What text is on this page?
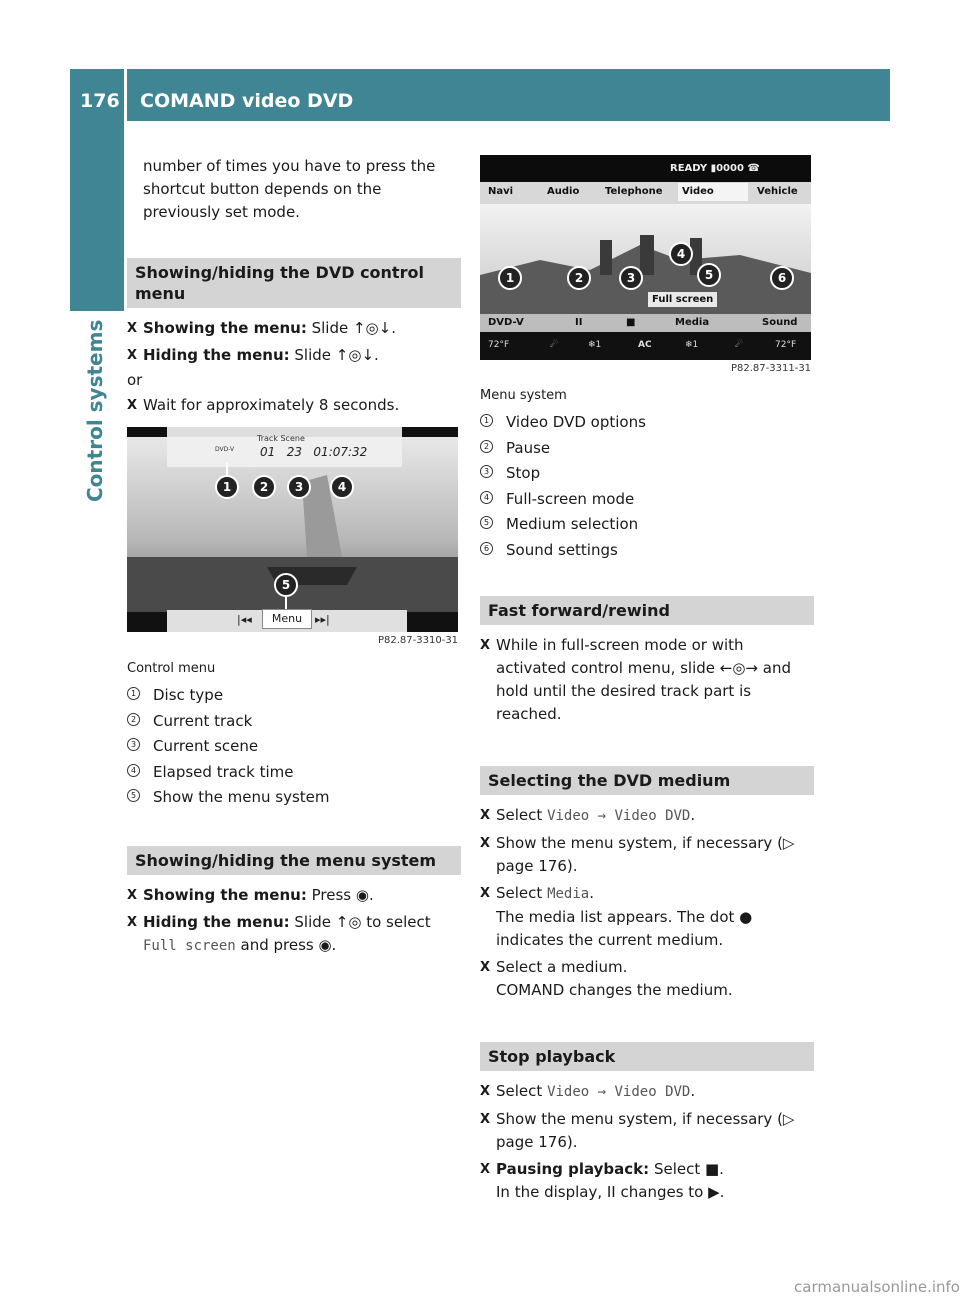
176 COMAND video DVD
Control systems

number of times you have to press the shortcut button depends on the previously set mode.

Showing/hiding the DVD control menu

X Showing the menu: Slide ↑◎↓.

X Hiding the menu: Slide ↑◎↓.

or

X Wait for approximately 8 seconds.

Track Scene
DVD-V 01   23   01:07:32
|◂◂	Menu	▸▸|
1	2	3	4
5
P82.87-3310-31

Control menu

1 Disc type
2 Current track
3 Current scene
4 Elapsed track time
5 Show the menu system
Showing/hiding the menu system

X Showing the menu: Press ◉.

X Hiding the menu: Slide ↑◎ to select
Full screen and press ◉.

READY ▮0000 ☎
Navi	Audio	Telephone	Video	Vehicle
Full screen
DVD-V	II	■	Media	Sound
72°F	☄	❄1	AC	❄1	☄	72°F
1	2	3
4
5	6
P82.87-3311-31

Menu system

1 Video DVD options
2 Pause
3 Stop
4 Full-screen mode
5 Medium selection
6 Sound settings
Fast forward/rewind

X While in full-screen mode or with activated control menu, slide ←◎→ and hold until the desired track part is reached.

Selecting the DVD medium

X Select Video → Video DVD.

X Show the menu system, if necessary (▷ page 176).

X Select Media.
The media list appears. The dot ● indicates the current medium.

X Select a medium.
COMAND changes the medium.

Stop playback

X Select Video → Video DVD.

X Show the menu system, if necessary (▷ page 176).

X Pausing playback: Select ■.
In the display, II changes to ▶.

carmanualsonline.info
